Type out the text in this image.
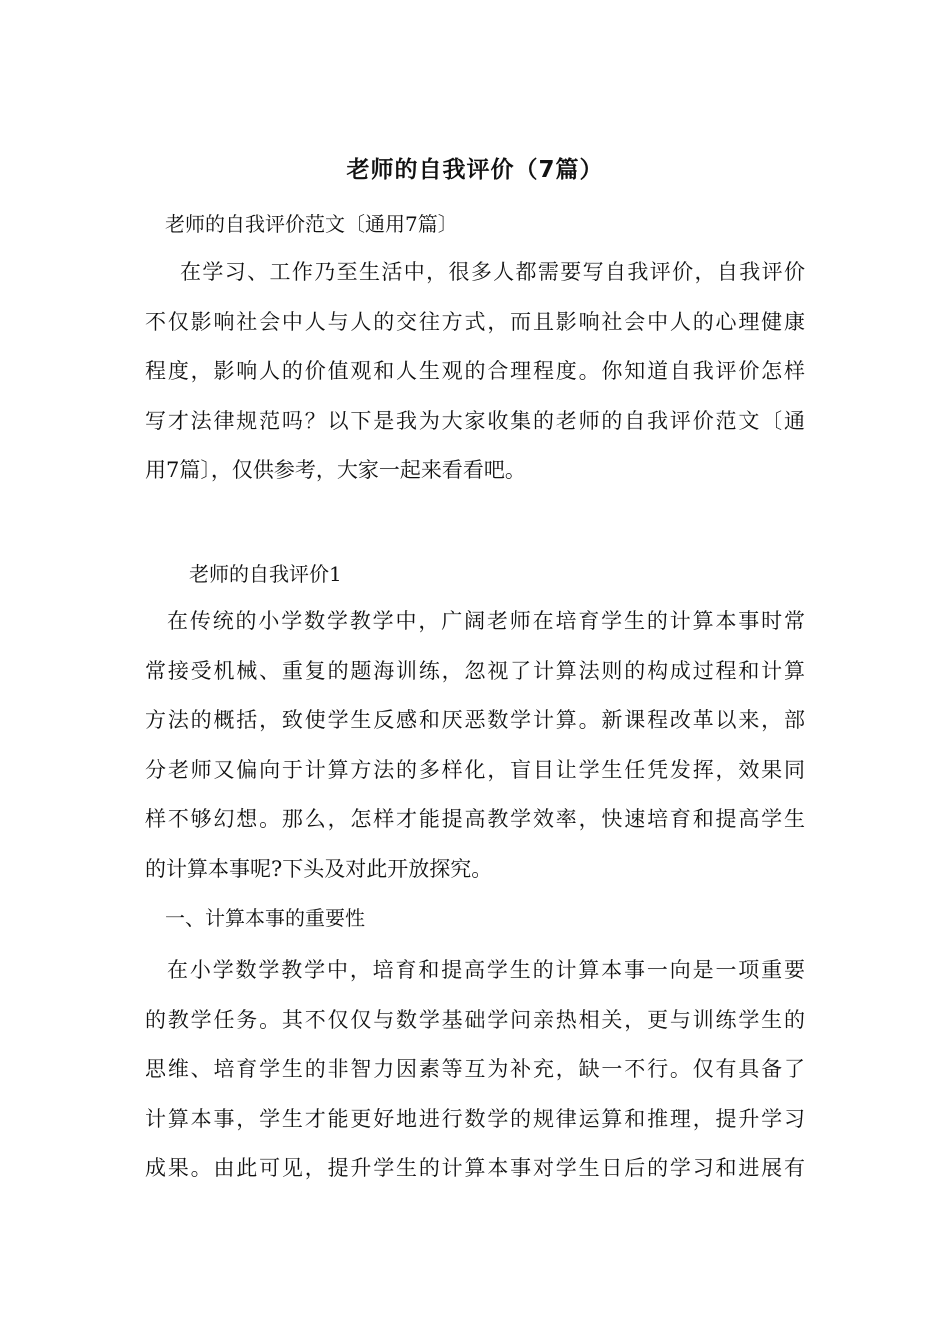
老师的自我评价（7篇）
老师的自我评价范文〔通用7篇〕
在学习、工作乃至生活中，很多人都需要写自我评价，自我评价
不仅影响社会中人与人的交往方式，而且影响社会中人的心理健康
程度，影响人的价值观和人生观的合理程度。你知道自我评价怎样
写才法律规范吗？以下是我为大家收集的老师的自我评价范文〔通
用7篇〕，仅供参考，大家一起来看看吧。
老师的自我评价1
在传统的小学数学教学中，广阔老师在培育学生的计算本事时常
常接受机械、重复的题海训练，忽视了计算法则的构成过程和计算
方法的概括，致使学生反感和厌恶数学计算。新课程改革以来，部
分老师又偏向于计算方法的多样化，盲目让学生任凭发挥，效果同
样不够幻想。那么，怎样才能提高教学效率，快速培育和提高学生
的计算本事呢?下头及对此开放探究。
一、计算本事的重要性
在小学数学教学中，培育和提高学生的计算本事一向是一项重要
的教学任务。其不仅仅与数学基础学问亲热相关，更与训练学生的
思维、培育学生的非智力因素等互为补充，缺一不行。仅有具备了
计算本事，学生才能更好地进行数学的规律运算和推理，提升学习
成果。由此可见，提升学生的计算本事对学生日后的学习和进展有
